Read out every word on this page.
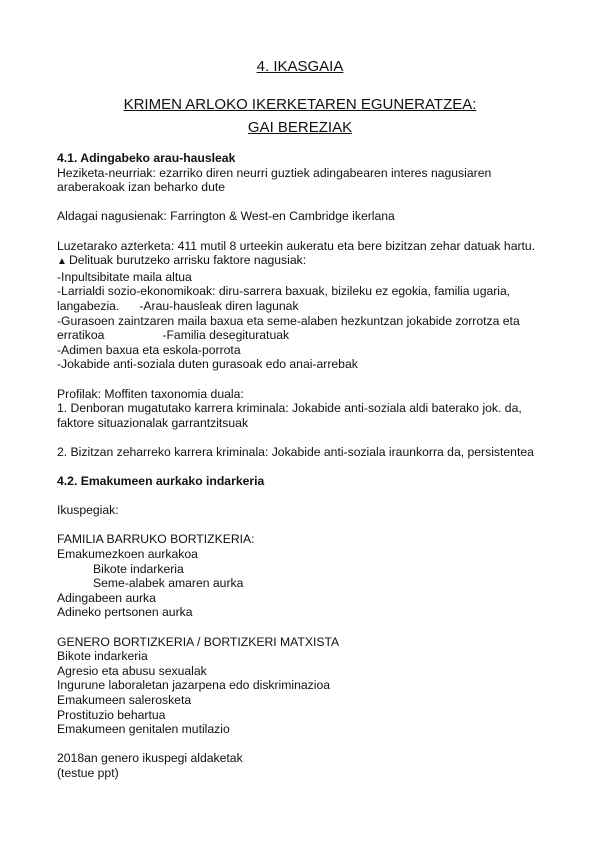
4. IKASGAIA
KRIMEN ARLOKO IKERKETAREN EGUNERATZEA:
GAI BEREZIAK

4.1. Adingabeko arau-hausleak

Heziketa-neurriak: ezarriko diren neurri guztiek adingabearen interes nagusiaren

araberakoak izan beharko dute

Aldagai nagusienak: Farrington & West-en Cambridge ikerlana

Luzetarako azterketa: 411 mutil 8 urteekin aukeratu eta bere bizitzan zehar datuak hartu.

▲ Delituak burutzeko arrisku faktore nagusiak:

-Inpultsibitate maila altua

-Larrialdi sozio-ekonomikoak: diru-sarrera baxuak, bizileku ez egokia, familia ugaria,

langabezia. -Arau-hausleak diren lagunak

-Gurasoen zaintzaren maila baxua eta seme-alaben hezkuntzan jokabide zorrotza eta

erratikoa	-Familia desegituratuak

-Adimen baxua eta eskola-porrota

-Jokabide anti-soziala duten gurasoak edo anai-arrebak

Profilak: Moffiten taxonomia duala:

1. Denboran mugatutako karrera kriminala: Jokabide anti-soziala aldi baterako jok. da,

faktore situazionalak garrantzitsuak

2. Bizitzan zeharreko karrera kriminala: Jokabide anti-soziala iraunkorra da, persistentea

4.2. Emakumeen aurkako indarkeria

Ikuspegiak:

FAMILIA BARRUKO BORTIZKERIA:

Emakumezkoen aurkakoa

Bikote indarkeria

Seme-alabek amaren aurka

Adingabeen aurka

Adineko pertsonen aurka

GENERO BORTIZKERIA / BORTIZKERI MATXISTA

Bikote indarkeria

Agresio eta abusu sexualak

Ingurune laboraletan jazarpena edo diskriminazioa

Emakumeen salerosketa

Prostituzio behartua

Emakumeen genitalen mutilazio

2018an genero ikuspegi aldaketak

(testue ppt)
